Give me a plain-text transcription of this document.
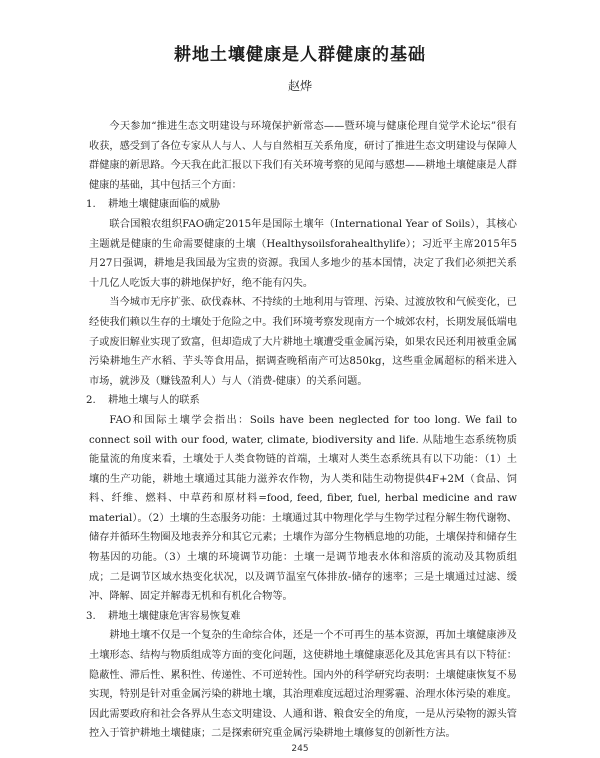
耕地土壤健康是人群健康的基础
赵烨

今天参加“推进生态文明建设与环境保护新常态——暨环境与健康伦理自觉学术论坛”很有收获，感受到了各位专家从人与人、人与自然相互关系角度，研讨了推进生态文明建设与保障人群健康的新思路。今天我在此汇报以下我们有关环境考察的见闻与感想——耕地土壤健康是人群健康的基础，其中包括三个方面：

1. 耕地土壤健康面临的威胁

联合国粮农组织FAO确定2015年是国际土壤年（International Year of Soils），其核心主题就是健康的生命需要健康的土壤（Healthysoilsforahealthylife）；习近平主席2015年5月27日强调，耕地是我国最为宝贵的资源。我国人多地少的基本国情，决定了我们必须把关系十几亿人吃饭大事的耕地保护好，绝不能有闪失。

当今城市无序扩张、砍伐森林、不持续的土地利用与管理、污染、过渡放牧和气候变化，已经使我们赖以生存的土壤处于危险之中。我们环境考察发现南方一个城郊农村，长期发展低端电子或废旧解业实现了致富，但却造成了大片耕地土壤遭受重金属污染，如果农民还利用被重金属污染耕地生产水稻、芋头等食用品，据调查晚稻南产可达850kg，这些重金属超标的稻米进入市场，就涉及（赚钱盈利人）与人（消费-健康）的关系问题。

2. 耕地土壤与人的联系

FAO和国际土壤学会指出：Soils have been neglected for too long. We fail to connect soil with our food, water, climate, biodiversity and life. 从陆地生态系统物质能量流的角度来看，土壤处于人类食物链的首端，土壤对人类生态系统具有以下功能：（1）土壤的生产功能，耕地土壤通过其能力滋养农作物，为人类和陆生动物提供4F+2M（食品、饲料、纤维、燃料、中草药和原材料=food, feed, fiber, fuel, herbal medicine and raw material）。（2）土壤的生态服务功能：土壤通过其中物理化学与生物学过程分解生物代谢物、储存并循环生物圈及地表养分和其它元素；土壤作为部分生物栖息地的功能，土壤保持和储存生物基因的功能。（3）土壤的环境调节功能：土壤一是调节地表水体和溶质的流动及其物质组成；二是调节区域水热变化状况，以及调节温室气体排放-储存的速率；三是土壤通过过滤、缓冲、降解、固定并解毒无机和有机化合物等。

3. 耕地土壤健康危害容易恢复难

耕地土壤不仅是一个复杂的生命综合体，还是一个不可再生的基本资源，再加土壤健康涉及土壤形态、结构与物质组成等方面的变化问题，这使耕地土壤健康恶化及其危害具有以下特征：隐蔽性、滞后性、累积性、传递性、不可逆转性。国内外的科学研究均表明：土壤健康恢复不易实现，特别是针对重金属污染的耕地土壤，其治理难度远超过治理雾霾、治理水体污染的难度。因此需要政府和社会各界从生态文明建设、人通和谐、粮食安全的角度，一是从污染物的源头管控入于管护耕地土壤健康；二是探索研究重金属污染耕地土壤修复的创新性方法。

245
